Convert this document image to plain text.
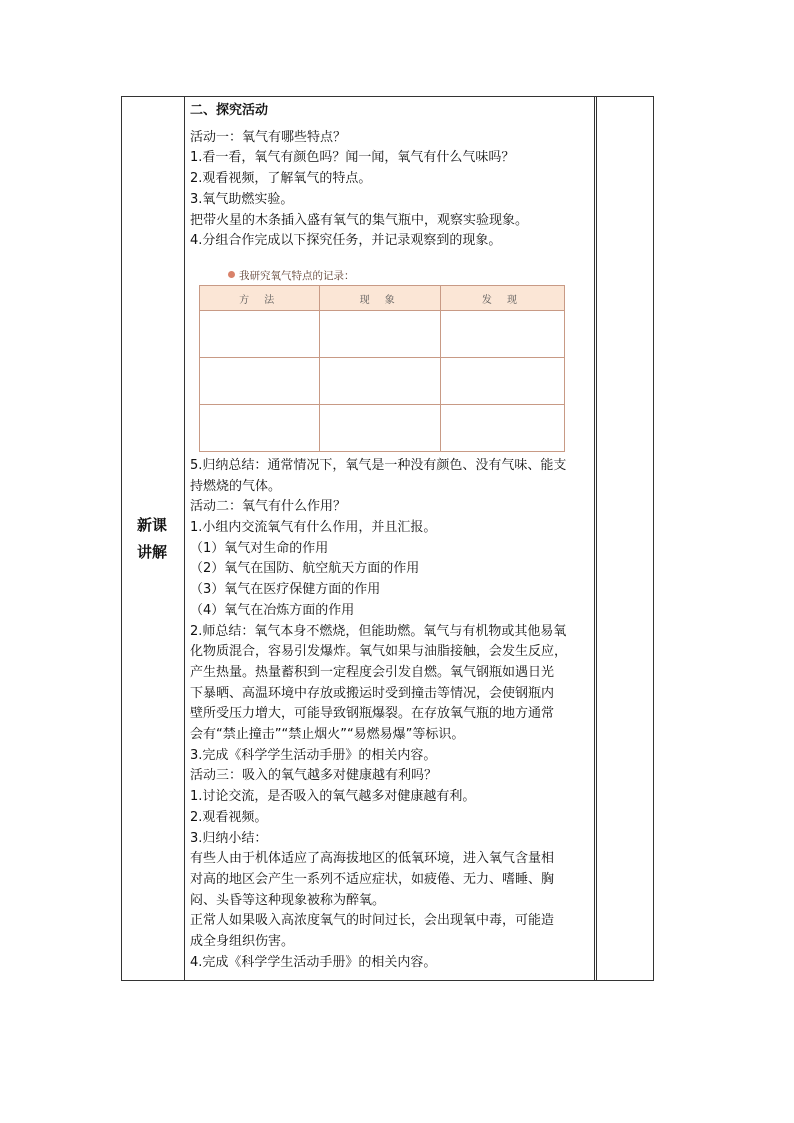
新课
讲解
二、探究活动
活动一：氧气有哪些特点？
1.看一看，氧气有颜色吗？闻一闻，氧气有什么气味吗？
2.观看视频，了解氧气的特点。
3.氧气助燃实验。
把带火星的木条插入盛有氧气的集气瓶中，观察实验现象。
4.分组合作完成以下探究任务，并记录观察到的现象。
5.归纳总结：通常情况下，氧气是一种没有颜色、没有气味、能支
持燃烧的气体。
活动二：氧气有什么作用？
1.小组内交流氧气有什么作用，并且汇报。
（1）氧气对生命的作用
（2）氧气在国防、航空航天方面的作用
（3）氧气在医疗保健方面的作用
（4）氧气在冶炼方面的作用
2.师总结：氧气本身不燃烧，但能助燃。氧气与有机物或其他易氧
化物质混合，容易引发爆炸。氧气如果与油脂接触，会发生反应，
产生热量。热量蓄积到一定程度会引发自燃。氧气钢瓶如遇日光
下暴晒、高温环境中存放或搬运时受到撞击等情况，会使钢瓶内
壁所受压力增大，可能导致钢瓶爆裂。在存放氧气瓶的地方通常
会有“禁止撞击”“禁止烟火”“易燃易爆”等标识。
3.完成《科学学生活动手册》的相关内容。
活动三：吸入的氧气越多对健康越有利吗？
1.讨论交流，是否吸入的氧气越多对健康越有利。
2.观看视频。
3.归纳小结：
有些人由于机体适应了高海拔地区的低氧环境，进入氧气含量相
对高的地区会产生一系列不适应症状，如疲倦、无力、嗜睡、胸
闷、头昏等这种现象被称为醉氧。
正常人如果吸入高浓度氧气的时间过长，会出现氧中毒，可能造
成全身组织伤害。
4.完成《科学学生活动手册》的相关内容。
我研究氧气特点的记录：
方 法	现 象	发 现
